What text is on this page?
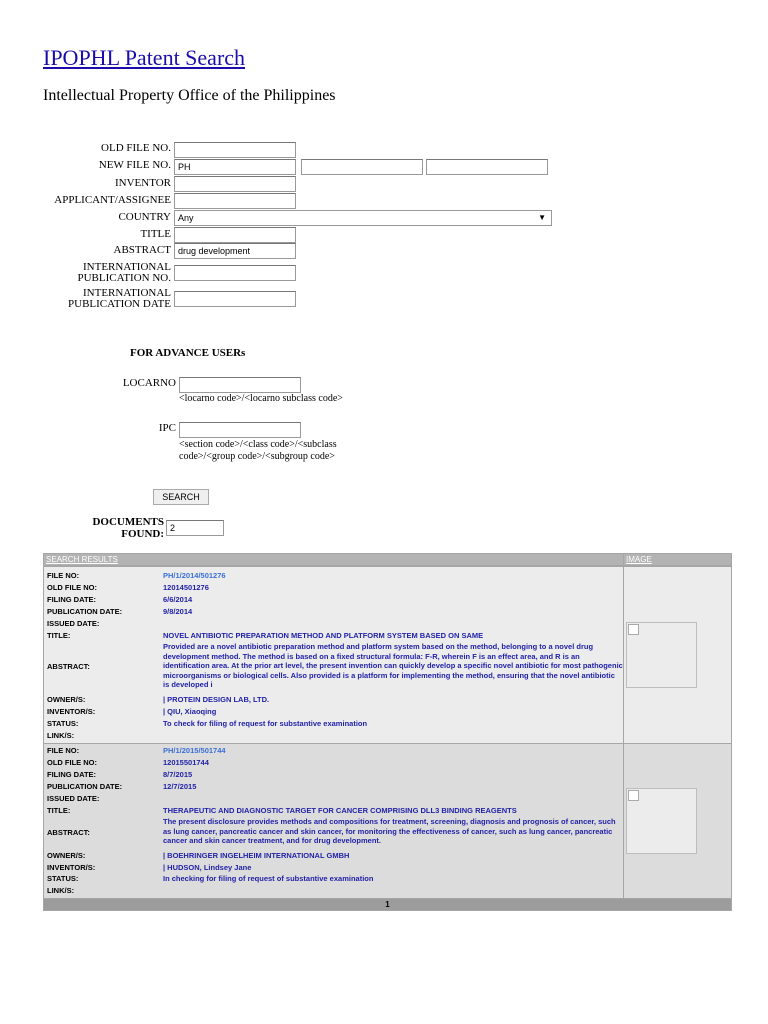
IPOPHL Patent Search
Intellectual Property Office of the Philippines
OLD FILE NO.
NEW FILE NO. PH
INVENTOR
APPLICANT/ASSIGNEE
COUNTRY Any	▼
TITLE
ABSTRACT drug development
INTERNATIONAL
PUBLICATION NO.
INTERNATIONAL
PUBLICATION DATE
FOR ADVANCE USERs
LOCARNO
<locarno code>/<locarno subclass code>
IPC
<section code>/<class code>/<subclass
code>/<group code>/<subgroup code>
SEARCH
DOCUMENTS
FOUND: 2
SEARCH RESULTS	IMAGE
FILE NO:	PH/1/2014/501276
OLD FILE NO:	12014501276
FILING DATE:	6/6/2014
PUBLICATION DATE:	9/8/2014
ISSUED DATE:
TITLE:	NOVEL ANTIBIOTIC PREPARATION METHOD AND PLATFORM SYSTEM BASED ON SAME
ABSTRACT:
Provided are a novel antibiotic preparation method and platform system based on the method, belonging to a novel drug development method. The method is based on a fixed structural formula: F-R, wherein F is an effect area, and R is an identification area. At the prior art level, the present invention can quickly develop a specific novel antibiotic for most pathogenic microorganisms or biological cells. Also provided is a platform for implementing the method, ensuring that the novel antibiotic is developed i
OWNER/S:	| PROTEIN DESIGN LAB, LTD.
INVENTOR/S:	| QIU, Xiaoqing
STATUS:	To check for filing of request for substantive examination
LINK/S:
FILE NO:	PH/1/2015/501744
OLD FILE NO:	12015501744
FILING DATE:	8/7/2015
PUBLICATION DATE:	12/7/2015
ISSUED DATE:
TITLE:	THERAPEUTIC AND DIAGNOSTIC TARGET FOR CANCER COMPRISING DLL3 BINDING REAGENTS
ABSTRACT:
The present disclosure provides methods and compositions for treatment, screening, diagnosis and prognosis of cancer, such as lung cancer, pancreatic cancer and skin cancer, for monitoring the effectiveness of cancer, such as lung cancer, pancreatic cancer and skin cancer treatment, and for drug development.
OWNER/S:	| BOEHRINGER INGELHEIM INTERNATIONAL GMBH
INVENTOR/S:	| HUDSON, Lindsey Jane
STATUS:	In checking for filing of request of substantive examination
LINK/S:
1
